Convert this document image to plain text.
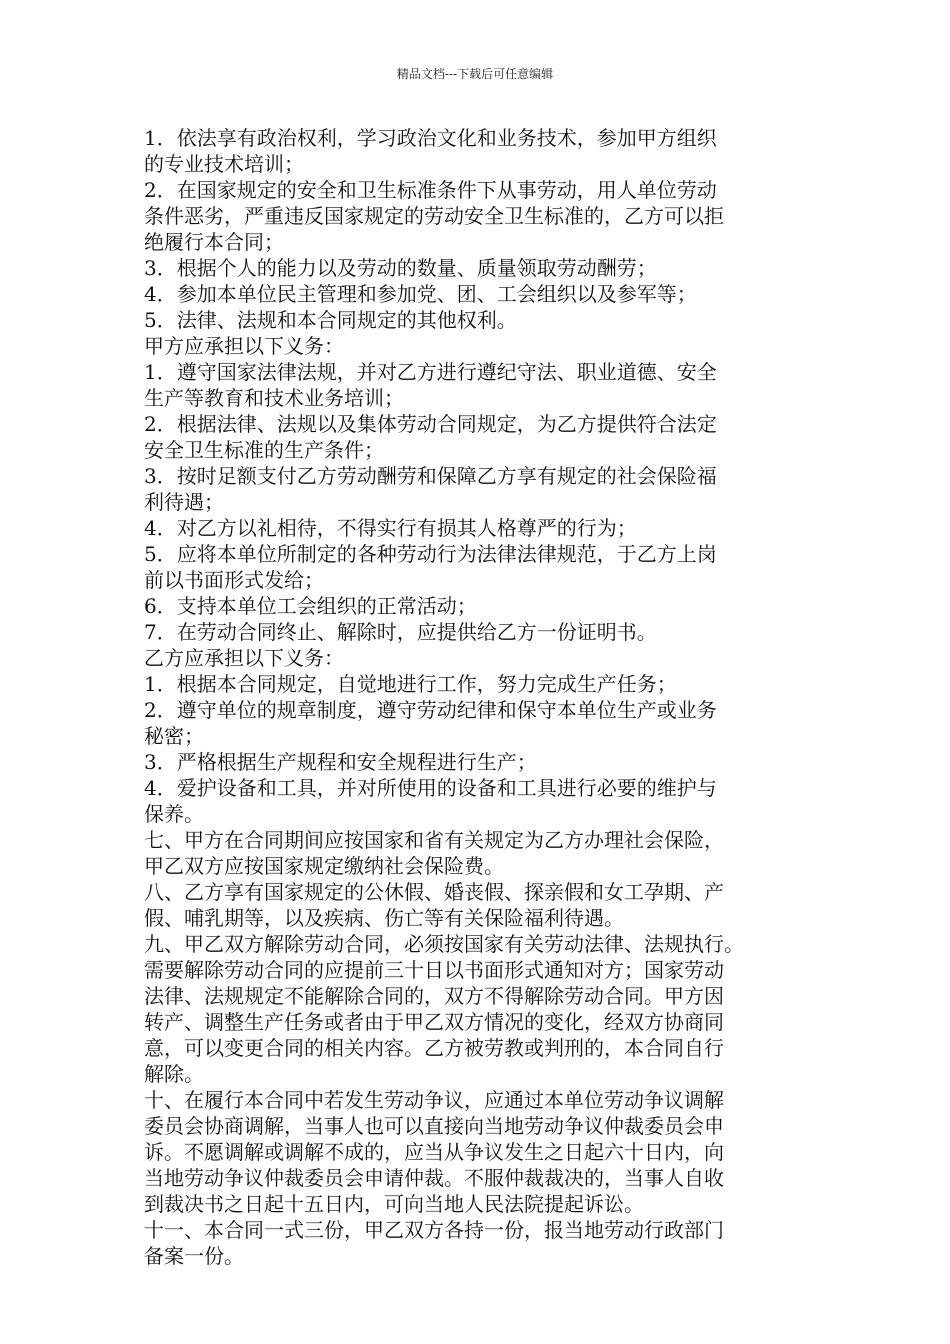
精品文档---下载后可任意编辑
1．依法享有政治权利，学习政治文化和业务技术，参加甲方组织
的专业技术培训；
2．在国家规定的安全和卫生标准条件下从事劳动，用人单位劳动
条件恶劣，严重违反国家规定的劳动安全卫生标准的，乙方可以拒
绝履行本合同；
3．根据个人的能力以及劳动的数量、质量领取劳动酬劳；
4．参加本单位民主管理和参加党、团、工会组织以及参军等；
5．法律、法规和本合同规定的其他权利。
甲方应承担以下义务：
1．遵守国家法律法规，并对乙方进行遵纪守法、职业道德、安全
生产等教育和技术业务培训；
2．根据法律、法规以及集体劳动合同规定，为乙方提供符合法定
安全卫生标准的生产条件；
3．按时足额支付乙方劳动酬劳和保障乙方享有规定的社会保险福
利待遇；
4．对乙方以礼相待，不得实行有损其人格尊严的行为；
5．应将本单位所制定的各种劳动行为法律法律规范，于乙方上岗
前以书面形式发给；
6．支持本单位工会组织的正常活动；
7．在劳动合同终止、解除时，应提供给乙方一份证明书。
乙方应承担以下义务：
1．根据本合同规定，自觉地进行工作，努力完成生产任务；
2．遵守单位的规章制度，遵守劳动纪律和保守本单位生产或业务
秘密；
3．严格根据生产规程和安全规程进行生产；
4．爱护设备和工具，并对所使用的设备和工具进行必要的维护与
保养。
七、甲方在合同期间应按国家和省有关规定为乙方办理社会保险，
甲乙双方应按国家规定缴纳社会保险费。
八、乙方享有国家规定的公休假、婚丧假、探亲假和女工孕期、产
假、哺乳期等，以及疾病、伤亡等有关保险福利待遇。
九、甲乙双方解除劳动合同，必须按国家有关劳动法律、法规执行。
需要解除劳动合同的应提前三十日以书面形式通知对方；国家劳动
法律、法规规定不能解除合同的，双方不得解除劳动合同。甲方因
转产、调整生产任务或者由于甲乙双方情况的变化，经双方协商同
意，可以变更合同的相关内容。乙方被劳教或判刑的，本合同自行
解除。
十、在履行本合同中若发生劳动争议，应通过本单位劳动争议调解
委员会协商调解，当事人也可以直接向当地劳动争议仲裁委员会申
诉。不愿调解或调解不成的，应当从争议发生之日起六十日内，向
当地劳动争议仲裁委员会申请仲裁。不服仲裁裁决的，当事人自收
到裁决书之日起十五日内，可向当地人民法院提起诉讼。
十一、本合同一式三份，甲乙双方各持一份，报当地劳动行政部门
备案一份。
